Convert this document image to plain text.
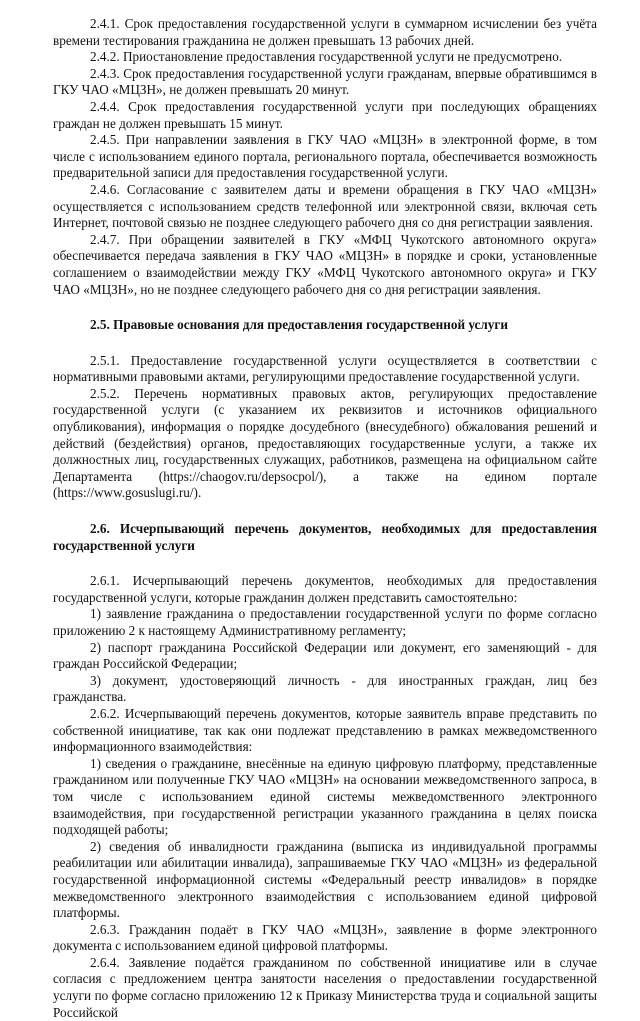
2.4.1. Срок предоставления государственной услуги в суммарном исчислении без учёта времени тестирования гражданина не должен превышать 13 рабочих дней.

2.4.2. Приостановление предоставления государственной услуги не предусмотрено.

2.4.3. Срок предоставления государственной услуги гражданам, впервые обратившимся в ГКУ ЧАО «МЦЗН», не должен превышать 20 минут.

2.4.4. Срок предоставления государственной услуги при последующих обращениях граждан не должен превышать 15 минут.

2.4.5. При направлении заявления в ГКУ ЧАО «МЦЗН» в электронной форме, в том числе с использованием единого портала, регионального портала, обеспечивается возможность предварительной записи для предоставления государственной услуги.

2.4.6. Согласование с заявителем даты и времени обращения в ГКУ ЧАО «МЦЗН» осуществляется с использованием средств телефонной или электронной связи, включая сеть Интернет, почтовой связью не позднее следующего рабочего дня со дня регистрации заявления.

2.4.7. При обращении заявителей в ГКУ «МФЦ Чукотского автономного округа» обеспечивается передача заявления в ГКУ ЧАО «МЦЗН» в порядке и сроки, установленные соглашением о взаимодействии между ГКУ «МФЦ Чукотского автономного округа» и ГКУ ЧАО «МЦЗН», но не позднее следующего рабочего дня со дня регистрации заявления.

2.5. Правовые основания для предоставления государственной услуги

2.5.1. Предоставление государственной услуги осуществляется в соответствии с нормативными правовыми актами, регулирующими предоставление государственной услуги.

2.5.2. Перечень нормативных правовых актов, регулирующих предоставление государственной услуги (с указанием их реквизитов и источников официального опубликования), информация о порядке досудебного (внесудебного) обжалования решений и действий (бездействия) органов, предоставляющих государственные услуги, а также их должностных лиц, государственных служащих, работников, размещена на официальном сайте Департамента (https://chaogov.ru/depsocpol/), а также на едином портале (https://www.gosuslugi.ru/).

2.6. Исчерпывающий перечень документов, необходимых для предоставления государственной услуги

2.6.1. Исчерпывающий перечень документов, необходимых для предоставления государственной услуги, которые гражданин должен представить самостоятельно:

1) заявление гражданина о предоставлении государственной услуги по форме согласно приложению 2 к настоящему Административному регламенту;

2) паспорт гражданина Российской Федерации или документ, его заменяющий - для граждан Российской Федерации;

3) документ, удостоверяющий личность - для иностранных граждан, лиц без гражданства.

2.6.2. Исчерпывающий перечень документов, которые заявитель вправе представить по собственной инициативе, так как они подлежат представлению в рамках межведомственного информационного взаимодействия:

1) сведения о гражданине, внесённые на единую цифровую платформу, представленные гражданином или полученные ГКУ ЧАО «МЦЗН» на основании межведомственного запроса, в том числе с использованием единой системы межведомственного электронного взаимодействия, при государственной регистрации указанного гражданина в целях поиска подходящей работы;

2) сведения об инвалидности гражданина (выписка из индивидуальной программы реабилитации или абилитации инвалида), запрашиваемые ГКУ ЧАО «МЦЗН» из федеральной государственной информационной системы «Федеральный реестр инвалидов» в порядке межведомственного электронного взаимодействия с использованием единой цифровой платформы.

2.6.3. Гражданин подаёт в ГКУ ЧАО «МЦЗН», заявление в форме электронного документа с использованием единой цифровой платформы.

2.6.4. Заявление подаётся гражданином по собственной инициативе или в случае согласия с предложением центра занятости населения о предоставлении государственной услуги по форме согласно приложению 12 к Приказу Министерства труда и социальной защиты Российской
